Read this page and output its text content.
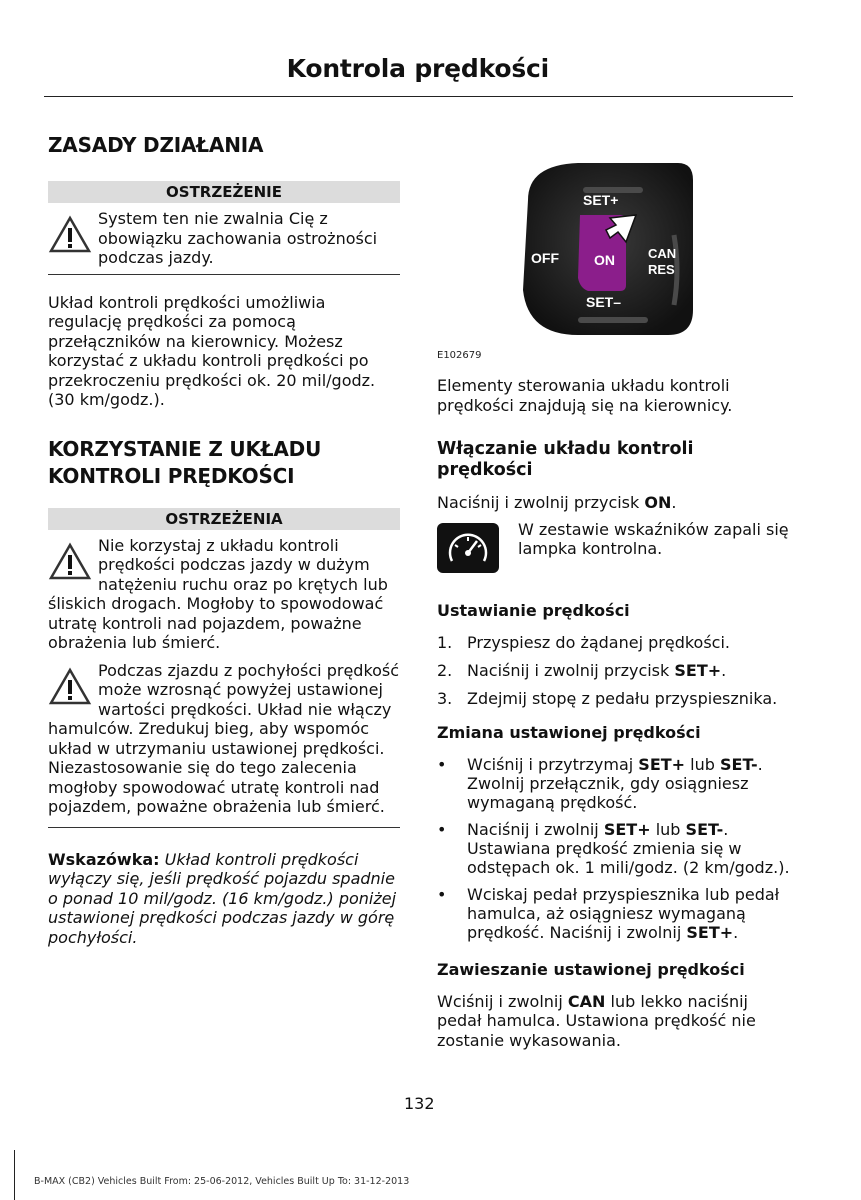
Kontrola prędkości
ZASADY DZIAŁANIA
OSTRZEŻENIE

System ten nie zwalnia Cię z obowiązku zachowania ostrożności podczas jazdy.

Układ kontroli prędkości umożliwia regulację prędkości za pomocą przełączników na kierownicy. Możesz korzystać z układu kontroli prędkości po przekroczeniu prędkości ok. 20 mil/godz. (30 km/godz.).

KORZYSTANIE Z UKŁADU KONTROLI PRĘDKOŚCI
OSTRZEŻENIA

Nie korzystaj z układu kontroli prędkości podczas jazdy w dużym natężeniu ruchu oraz po krętych lub śliskich drogach. Mogłoby to spowodować utratę kontroli nad pojazdem, poważne obrażenia lub śmierć.

Podczas zjazdu z pochyłości prędkość może wzrosnąć powyżej ustawionej wartości prędkości. Układ nie włączy hamulców. Zredukuj bieg, aby wspomóc układ w utrzymaniu ustawionej prędkości. Niezastosowanie się do tego zalecenia mogłoby spowodować utratę kontroli nad pojazdem, poważne obrażenia lub śmierć.

Wskazówka: Układ kontroli prędkości wyłączy się, jeśli prędkość pojazdu spadnie o ponad 10 mil/godz. (16 km/godz.) poniżej ustawionej prędkości podczas jazdy w górę pochyłości.

SET+
SET–
OFF	ON	CAN
RES
E102679

Elementy sterowania układu kontroli prędkości znajdują się na kierownicy.

Włączanie układu kontroli prędkości

Naciśnij i zwolnij przycisk ON.

W zestawie wskaźników zapali się lampka kontrolna.

Ustawianie prędkości

1. Przyspiesz do żądanej prędkości.
2. Naciśnij i zwolnij przycisk SET+.
3. Zdejmij stopę z pedału przyspiesznika.

Zmiana ustawionej prędkości

• Wciśnij i przytrzymaj SET+ lub SET-. Zwolnij przełącznik, gdy osiągniesz wymaganą prędkość.
• Naciśnij i zwolnij SET+ lub SET-. Ustawiana prędkość zmienia się w odstępach ok. 1 mili/godz. (2 km/godz.).
• Wciskaj pedał przyspiesznika lub pedał hamulca, aż osiągniesz wymaganą prędkość. Naciśnij i zwolnij SET+.

Zawieszanie ustawionej prędkości

Wciśnij i zwolnij CAN lub lekko naciśnij pedał hamulca. Ustawiona prędkość nie zostanie wykasowania.

132
B-MAX (CB2) Vehicles Built From: 25-06-2012, Vehicles Built Up To: 31-12-2013
